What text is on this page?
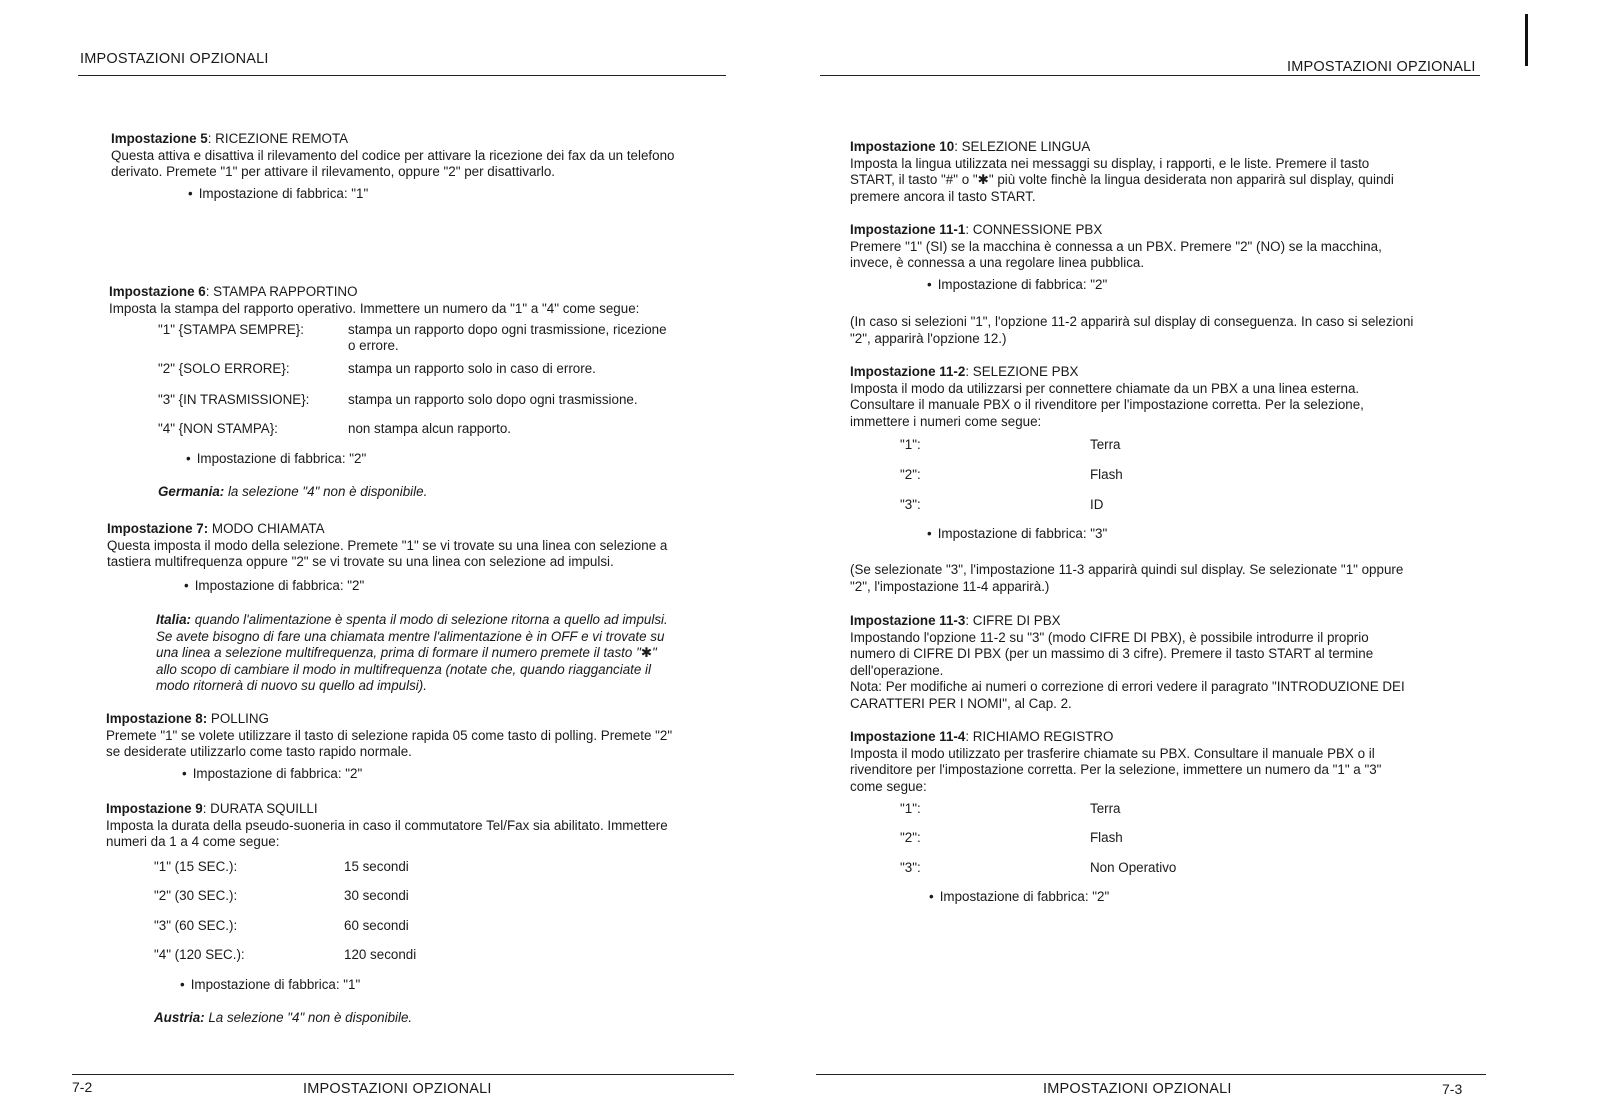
IMPOSTAZIONI OPZIONALI
Impostazione 5: RICEZIONE REMOTA
Questa attiva e disattiva il rilevamento del codice per attivare la ricezione dei fax da un telefono
derivato. Premete "1" per attivare il rilevamento, oppure "2" per disattivarlo.
• Impostazione di fabbrica: "1"
Impostazione 6: STAMPA RAPPORTINO
Imposta la stampa del rapporto operativo. Immettere un numero da "1" a "4" come segue:
"1" {STAMPA SEMPRE}:	stampa un rapporto dopo ogni trasmissione, ricezione
o errore.
"2" {SOLO ERRORE}:	stampa un rapporto solo in caso di errore.
"3" {IN TRASMISSIONE}:	stampa un rapporto solo dopo ogni trasmissione.
"4" {NON STAMPA}:	non stampa alcun rapporto.
• Impostazione di fabbrica: "2"
Germania: la selezione "4" non è disponibile.
Impostazione 7: MODO CHIAMATA
Questa imposta il modo della selezione. Premete "1" se vi trovate su una linea con selezione a
tastiera multifrequenza oppure "2" se vi trovate su una linea con selezione ad impulsi.
• Impostazione di fabbrica: "2"
Italia: quando l'alimentazione è spenta il modo di selezione ritorna a quello ad impulsi.
Se avete bisogno di fare una chiamata mentre l'alimentazione è in OFF e vi trovate su
una linea a selezione multifrequenza, prima di formare il numero premete il tasto "✱"
allo scopo di cambiare il modo in multifrequenza (notate che, quando riagganciate il
modo ritornerà di nuovo su quello ad impulsi).
Impostazione 8: POLLING
Premete "1" se volete utilizzare il tasto di selezione rapida 05 come tasto di polling. Premete "2"
se desiderate utilizzarlo come tasto rapido normale.
• Impostazione di fabbrica: "2"
Impostazione 9: DURATA SQUILLI
Imposta la durata della pseudo-suoneria in caso il commutatore Tel/Fax sia abilitato. Immettere
numeri da 1 a 4 come segue:
"1" (15 SEC.):	15 secondi
"2" (30 SEC.):	30 secondi
"3" (60 SEC.):	60 secondi
"4" (120 SEC.):	120 secondi
• Impostazione di fabbrica: "1"
Austria: La selezione "4" non è disponibile.
7-2	IMPOSTAZIONI OPZIONALI
IMPOSTAZIONI OPZIONALI
Impostazione 10: SELEZIONE LINGUA
Imposta la lingua utilizzata nei messaggi su display, i rapporti, e le liste. Premere il tasto
START, il tasto "#" o "✱" più volte finchè la lingua desiderata non apparirà sul display, quindi
premere ancora il tasto START.
Impostazione 11-1: CONNESSIONE PBX
Premere "1" (SI) se la macchina è connessa a un PBX. Premere "2" (NO) se la macchina,
invece, è connessa a una regolare linea pubblica.
• Impostazione di fabbrica: "2"
(In caso si selezioni "1", l'opzione 11-2 apparirà sul display di conseguenza. In caso si selezioni
"2", apparirà l'opzione 12.)
Impostazione 11-2: SELEZIONE PBX
Imposta il modo da utilizzarsi per connettere chiamate da un PBX a una linea esterna.
Consultare il manuale PBX o il rivenditore per l'impostazione corretta. Per la selezione,
immettere i numeri come segue:
"1":	Terra
"2":	Flash
"3":	ID
• Impostazione di fabbrica: "3"
(Se selezionate "3", l'impostazione 11-3 apparirà quindi sul display. Se selezionate "1" oppure
"2", l'impostazione 11-4 apparirà.)
Impostazione 11-3: CIFRE DI PBX
Impostando l'opzione 11-2 su "3" (modo CIFRE DI PBX), è possibile introdurre il proprio
numero di CIFRE DI PBX (per un massimo di 3 cifre). Premere il tasto START al termine
dell'operazione.
Nota: Per modifiche ai numeri o correzione di errori vedere il paragrato "INTRODUZIONE DEI
CARATTERI PER I NOMI", al Cap. 2.
Impostazione 11-4: RICHIAMO REGISTRO
Imposta il modo utilizzato per trasferire chiamate su PBX. Consultare il manuale PBX o il
rivenditore per l'impostazione corretta. Per la selezione, immettere un numero da "1" a "3"
come segue:
"1":	Terra
"2":	Flash
"3":	Non Operativo
• Impostazione di fabbrica: "2"
IMPOSTAZIONI OPZIONALI	7-3
